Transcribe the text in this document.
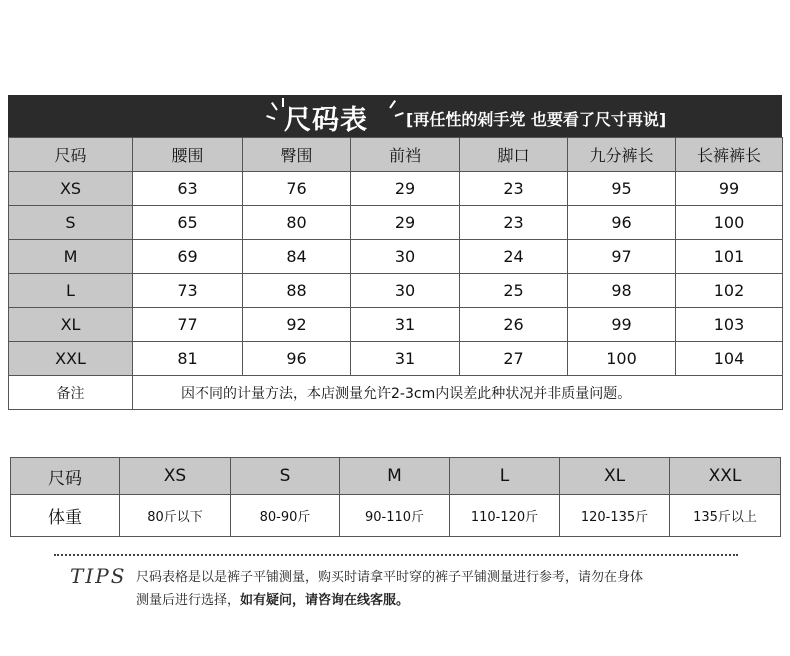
尺码表 [再任性的剁手党 也要看了尺寸再说]
尺码	腰围	臀围	前裆	脚口	九分裤长	长裤裤长
XS	63	76	29	23	95	99
S	65	80	29	23	96	100
M	69	84	30	24	97	101
L	73	88	30	25	98	102
XL	77	92	31	26	99	103
XXL	81	96	31	27	100	104
备注	因不同的计量方法，本店测量允许2-3cm内误差此种状况并非质量问题。					
尺码	XS	S	M	L	XL	XXL
体重	80斤以下	80-90斤	90-110斤	110-120斤	120-135斤	135斤以上
TIPS 尺码表格是以是裤子平铺测量，购买时请拿平时穿的裤子平铺测量进行参考，请勿在身体
测量后进行选择，如有疑问，请咨询在线客服。
